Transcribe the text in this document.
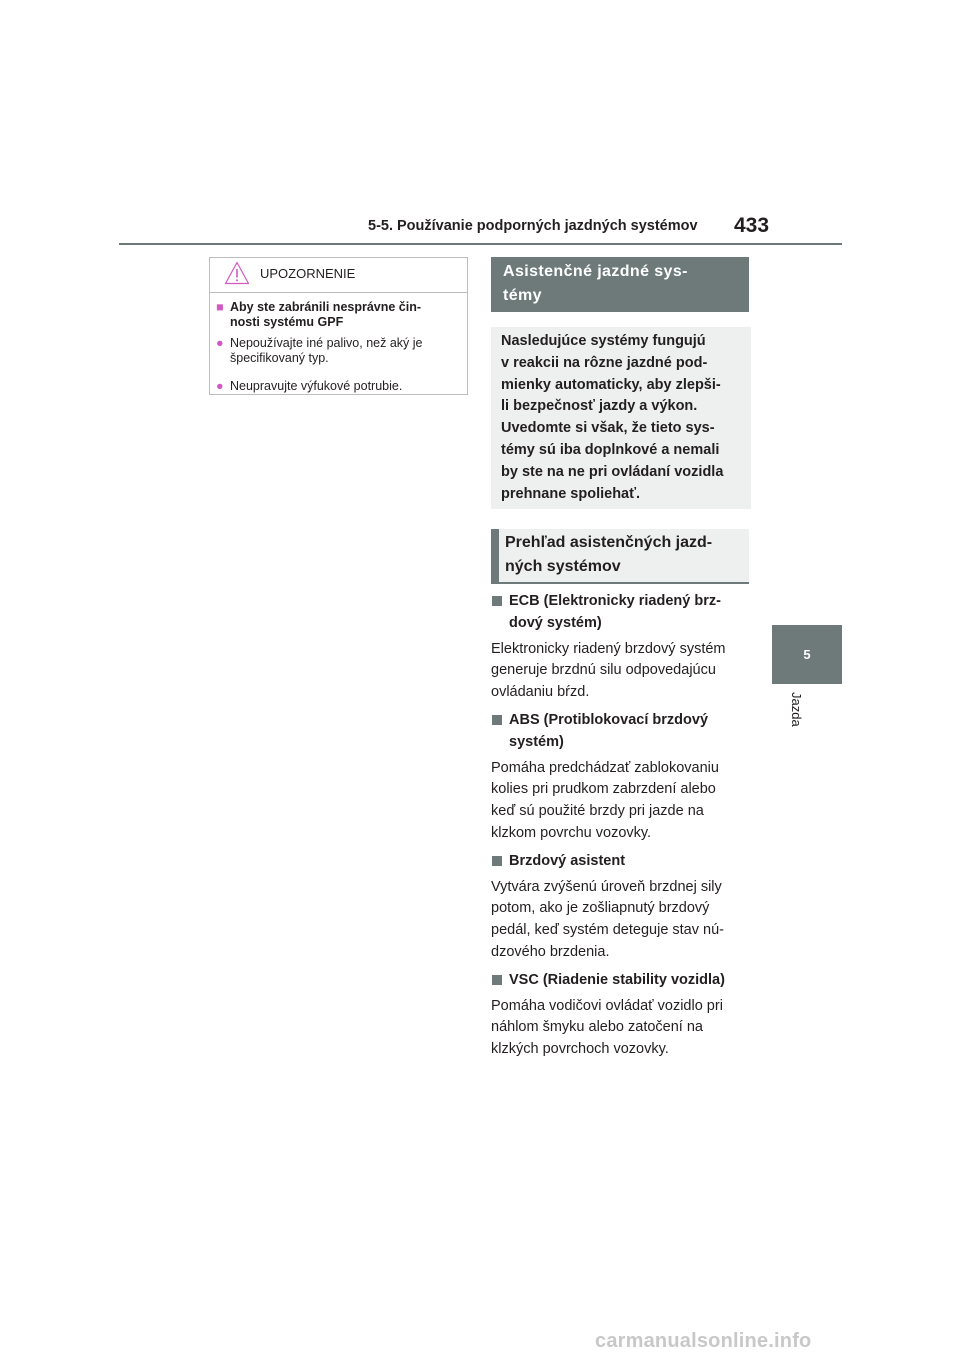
5-5. Používanie podporných jazdných systémov 433
5
Jazda
UPOZORNENIE
■ Aby ste zabránili nesprávne čin-
nosti systému GPF
● Nepoužívajte iné palivo, než aký je
špecifikovaný typ.
● Neupravujte výfukové potrubie.
Asistenčné jazdné sys-
témy
Nasledujúce systémy fungujú
v reakcii na rôzne jazdné pod-
mienky automaticky, aby zlepši-
li bezpečnosť jazdy a výkon.
Uvedomte si však, že tieto sys-
témy sú iba doplnkové a nemali
by ste na ne pri ovládaní vozidla
prehnane spoliehať.
Prehľad asistenčných jazd-
ných systémov
ECB (Elektronicky riadený brz-
dový systém)
Elektronicky riadený brzdový systém
generuje brzdnú silu odpovedajúcu
ovládaniu bŕzd.
ABS (Protiblokovací brzdový
systém)
Pomáha predchádzať zablokovaniu
kolies pri prudkom zabrzdení alebo
keď sú použité brzdy pri jazde na
klzkom povrchu vozovky.
Brzdový asistent
Vytvára zvýšenú úroveň brzdnej sily
potom, ako je zošliapnutý brzdový
pedál, keď systém deteguje stav nú-
dzového brzdenia.
VSC (Riadenie stability vozidla)
Pomáha vodičovi ovládať vozidlo pri
náhlom šmyku alebo zatočení na
klzkých povrchoch vozovky.
carmanualsonline.info
